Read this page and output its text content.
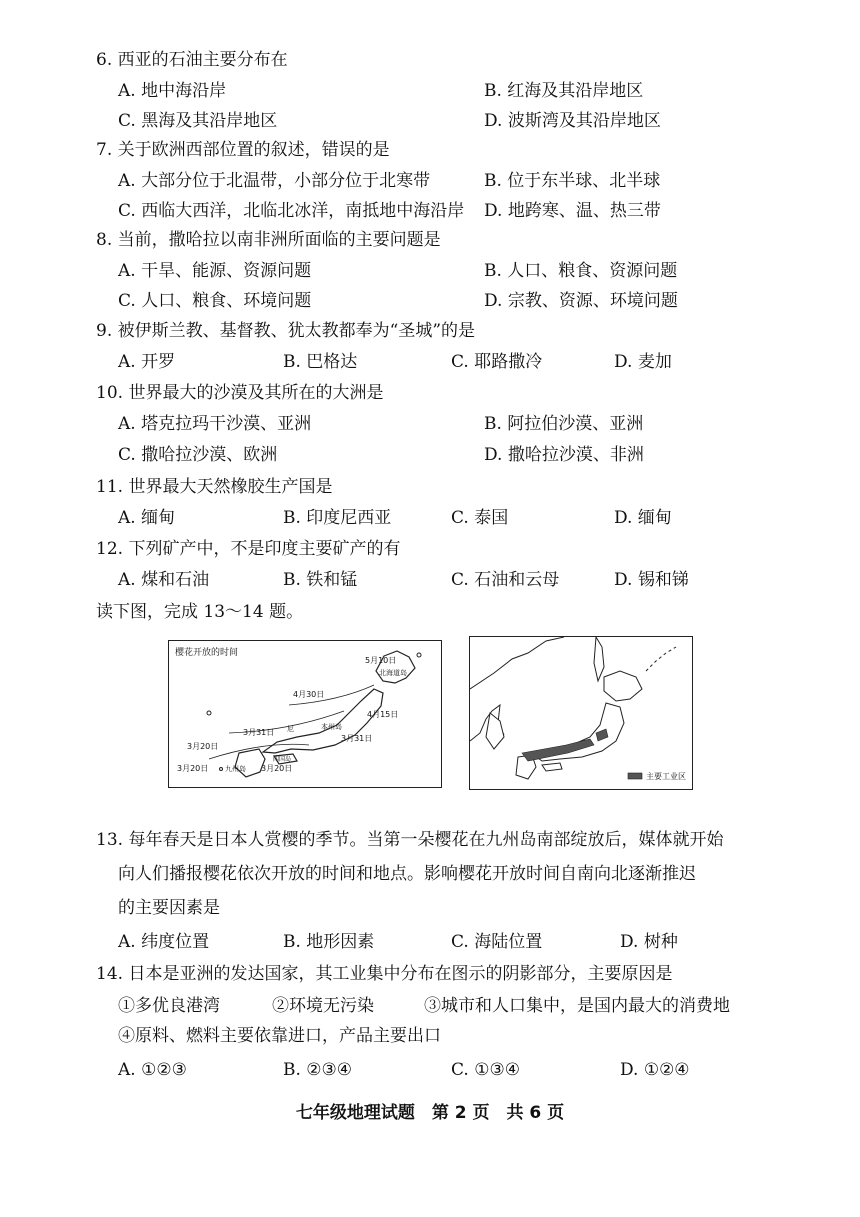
6. 西亚的石油主要分布在
A. 地中海沿岸	B. 红海及其沿岸地区
C. 黑海及其沿岸地区	D. 波斯湾及其沿岸地区
7. 关于欧洲西部位置的叙述，错误的是
A. 大部分位于北温带，小部分位于北寒带	B. 位于东半球、北半球
C. 西临大西洋，北临北冰洋，南抵地中海沿岸 D. 地跨寒、温、热三带
8. 当前，撒哈拉以南非洲所面临的主要问题是
A. 干旱、能源、资源问题	B. 人口、粮食、资源问题
C. 人口、粮食、环境问题	D. 宗教、资源、环境问题
9. 被伊斯兰教、基督教、犹太教都奉为“圣城”的是
A. 开罗	B. 巴格达	C. 耶路撒冷	D. 麦加
10. 世界最大的沙漠及其所在的大洲是
A. 塔克拉玛干沙漠、亚洲	B. 阿拉伯沙漠、亚洲
C. 撒哈拉沙漠、欧洲	D. 撒哈拉沙漠、非洲
11. 世界最大天然橡胶生产国是
A. 缅甸	B. 印度尼西亚	C. 泰国	D. 缅甸
12. 下列矿产中，不是印度主要矿产的有
A. 煤和石油	B. 铁和锰	C. 石油和云母	D. 锡和锑
读下图，完成 13～14 题。
樱花开放的时间
5月10日
北海道岛
4月30日
4月15日
本州岛
3月31日 尼
3月31日
3月20日
四国岛
3月20日 九州岛 3月20日
主要工业区
13. 每年春天是日本人赏樱的季节。当第一朵樱花在九州岛南部绽放后，媒体就开始
向人们播报樱花依次开放的时间和地点。影响樱花开放时间自南向北逐渐推迟
的主要因素是
A. 纬度位置	B. 地形因素	C. 海陆位置	D. 树种
14. 日本是亚洲的发达国家，其工业集中分布在图示的阴影部分，主要原因是
①多优良港湾	②环境无污染	③城市和人口集中，是国内最大的消费地
④原料、燃料主要依靠进口，产品主要出口
A. ①②③	B. ②③④	C. ①③④	D. ①②④
七年级地理试题　第 2 页　共 6 页
